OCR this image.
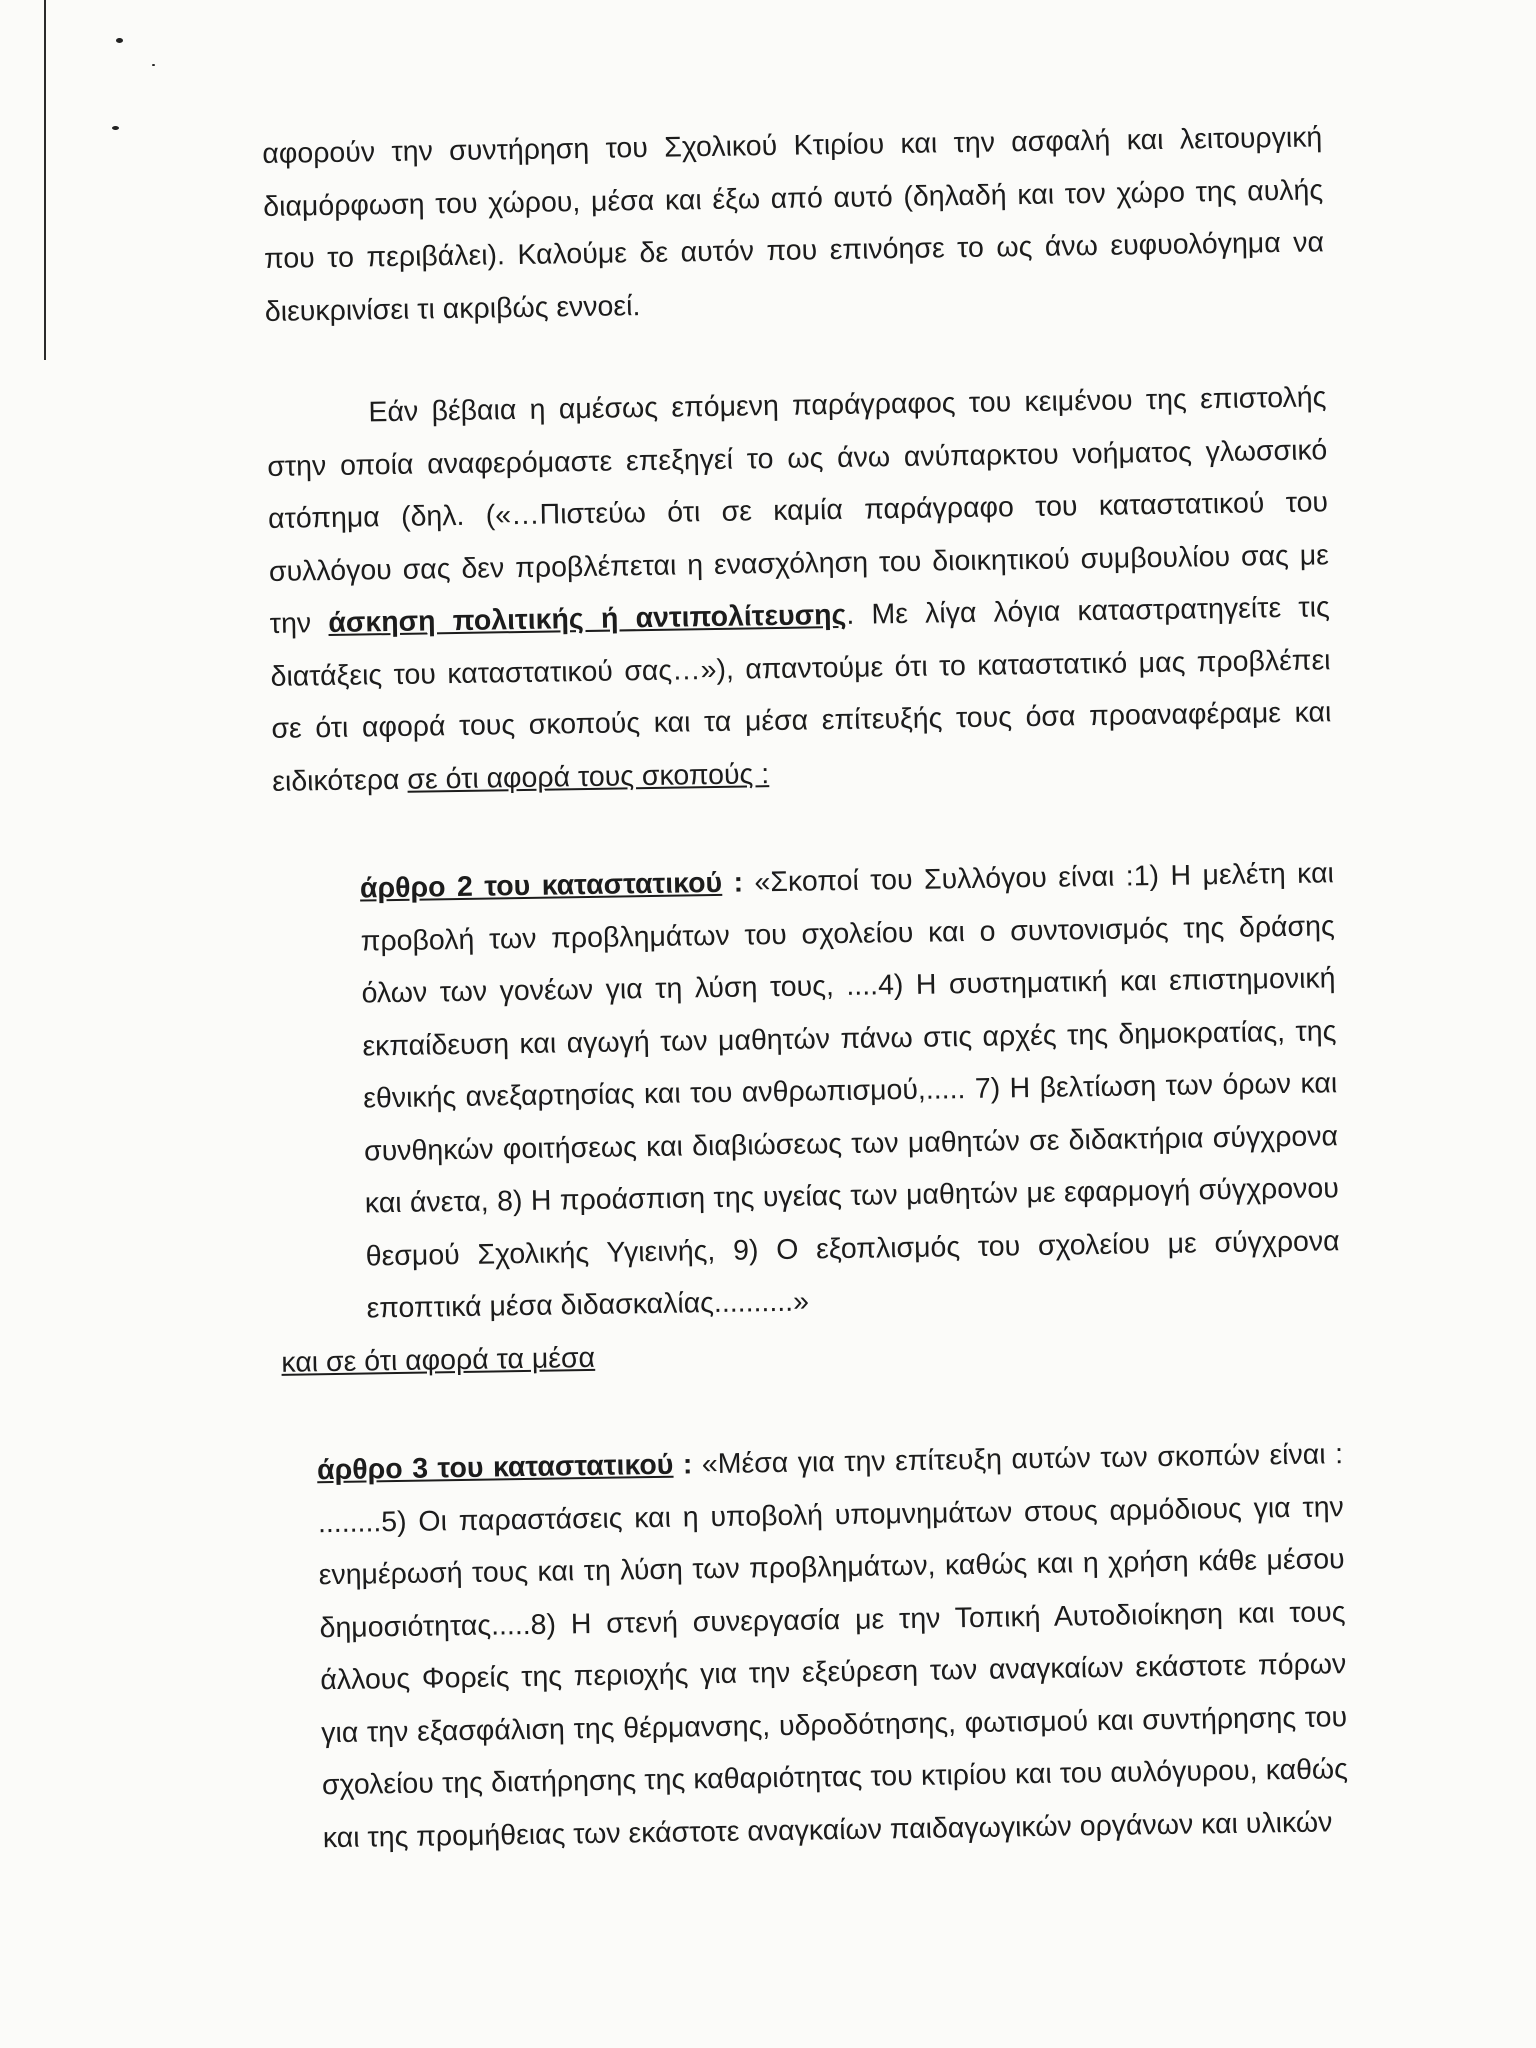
αφορούν την συντήρηση του Σχολικού Κτιρίου και την ασφαλή και λειτουργική διαμόρφωση του χώρου, μέσα και έξω από αυτό (δηλαδή και τον χώρο της αυλής που το περιβάλει). Καλούμε δε αυτόν που επινόησε το ως άνω ευφυολόγημα να διευκρινίσει τι ακριβώς εννοεί.

Εάν βέβαια η αμέσως επόμενη παράγραφος του κειμένου της επιστολής στην οποία αναφερόμαστε επεξηγεί το ως άνω ανύπαρκτου νοήματος γλωσσικό ατόπημα (δηλ. («…Πιστεύω ότι σε καμία παράγραφο του καταστατικού του συλλόγου σας δεν προβλέπεται η ενασχόληση του διοικητικού συμβουλίου σας με την άσκηση πολιτικής ή αντιπολίτευσης. Με λίγα λόγια καταστρατηγείτε τις διατάξεις του καταστατικού σας…»), απαντούμε ότι το καταστατικό μας προβλέπει σε ότι αφορά τους σκοπούς και τα μέσα επίτευξής τους όσα προαναφέραμε και ειδικότερα σε ότι αφορά τους σκοπούς :

άρθρο 2 του καταστατικού : «Σκοποί του Συλλόγου είναι :1) Η μελέτη και προβολή των προβλημάτων του σχολείου και ο συντονισμός της δράσης όλων των γονέων για τη λύση τους, ....4) Η συστηματική και επιστημονική εκπαίδευση και αγωγή των μαθητών πάνω στις αρχές της δημοκρατίας, της εθνικής ανεξαρτησίας και του ανθρωπισμού,..... 7) Η βελτίωση των όρων και συνθηκών φοιτήσεως και διαβιώσεως των μαθητών σε διδακτήρια σύγχρονα και άνετα, 8) Η προάσπιση της υγείας των μαθητών με εφαρμογή σύγχρονου θεσμού Σχολικής Υγιεινής, 9) Ο εξοπλισμός του σχολείου με σύγχρονα εποπτικά μέσα διδασκαλίας..........»

και σε ότι αφορά τα μέσα

άρθρο 3 του καταστατικού : «Μέσα για την επίτευξη αυτών των σκοπών είναι : ........5) Οι παραστάσεις και η υποβολή υπομνημάτων στους αρμόδιους για την ενημέρωσή τους και τη λύση των προβλημάτων, καθώς και η χρήση κάθε μέσου δημοσιότητας.....8) Η στενή συνεργασία με την Τοπική Αυτοδιοίκηση και τους άλλους Φορείς της περιοχής για την εξεύρεση των αναγκαίων εκάστοτε πόρων για την εξασφάλιση της θέρμανσης, υδροδότησης, φωτισμού και συντήρησης του σχολείου της διατήρησης της καθαριότητας του κτιρίου και του αυλόγυρου, καθώς και της προμήθειας των εκάστοτε αναγκαίων παιδαγωγικών οργάνων και υλικών
